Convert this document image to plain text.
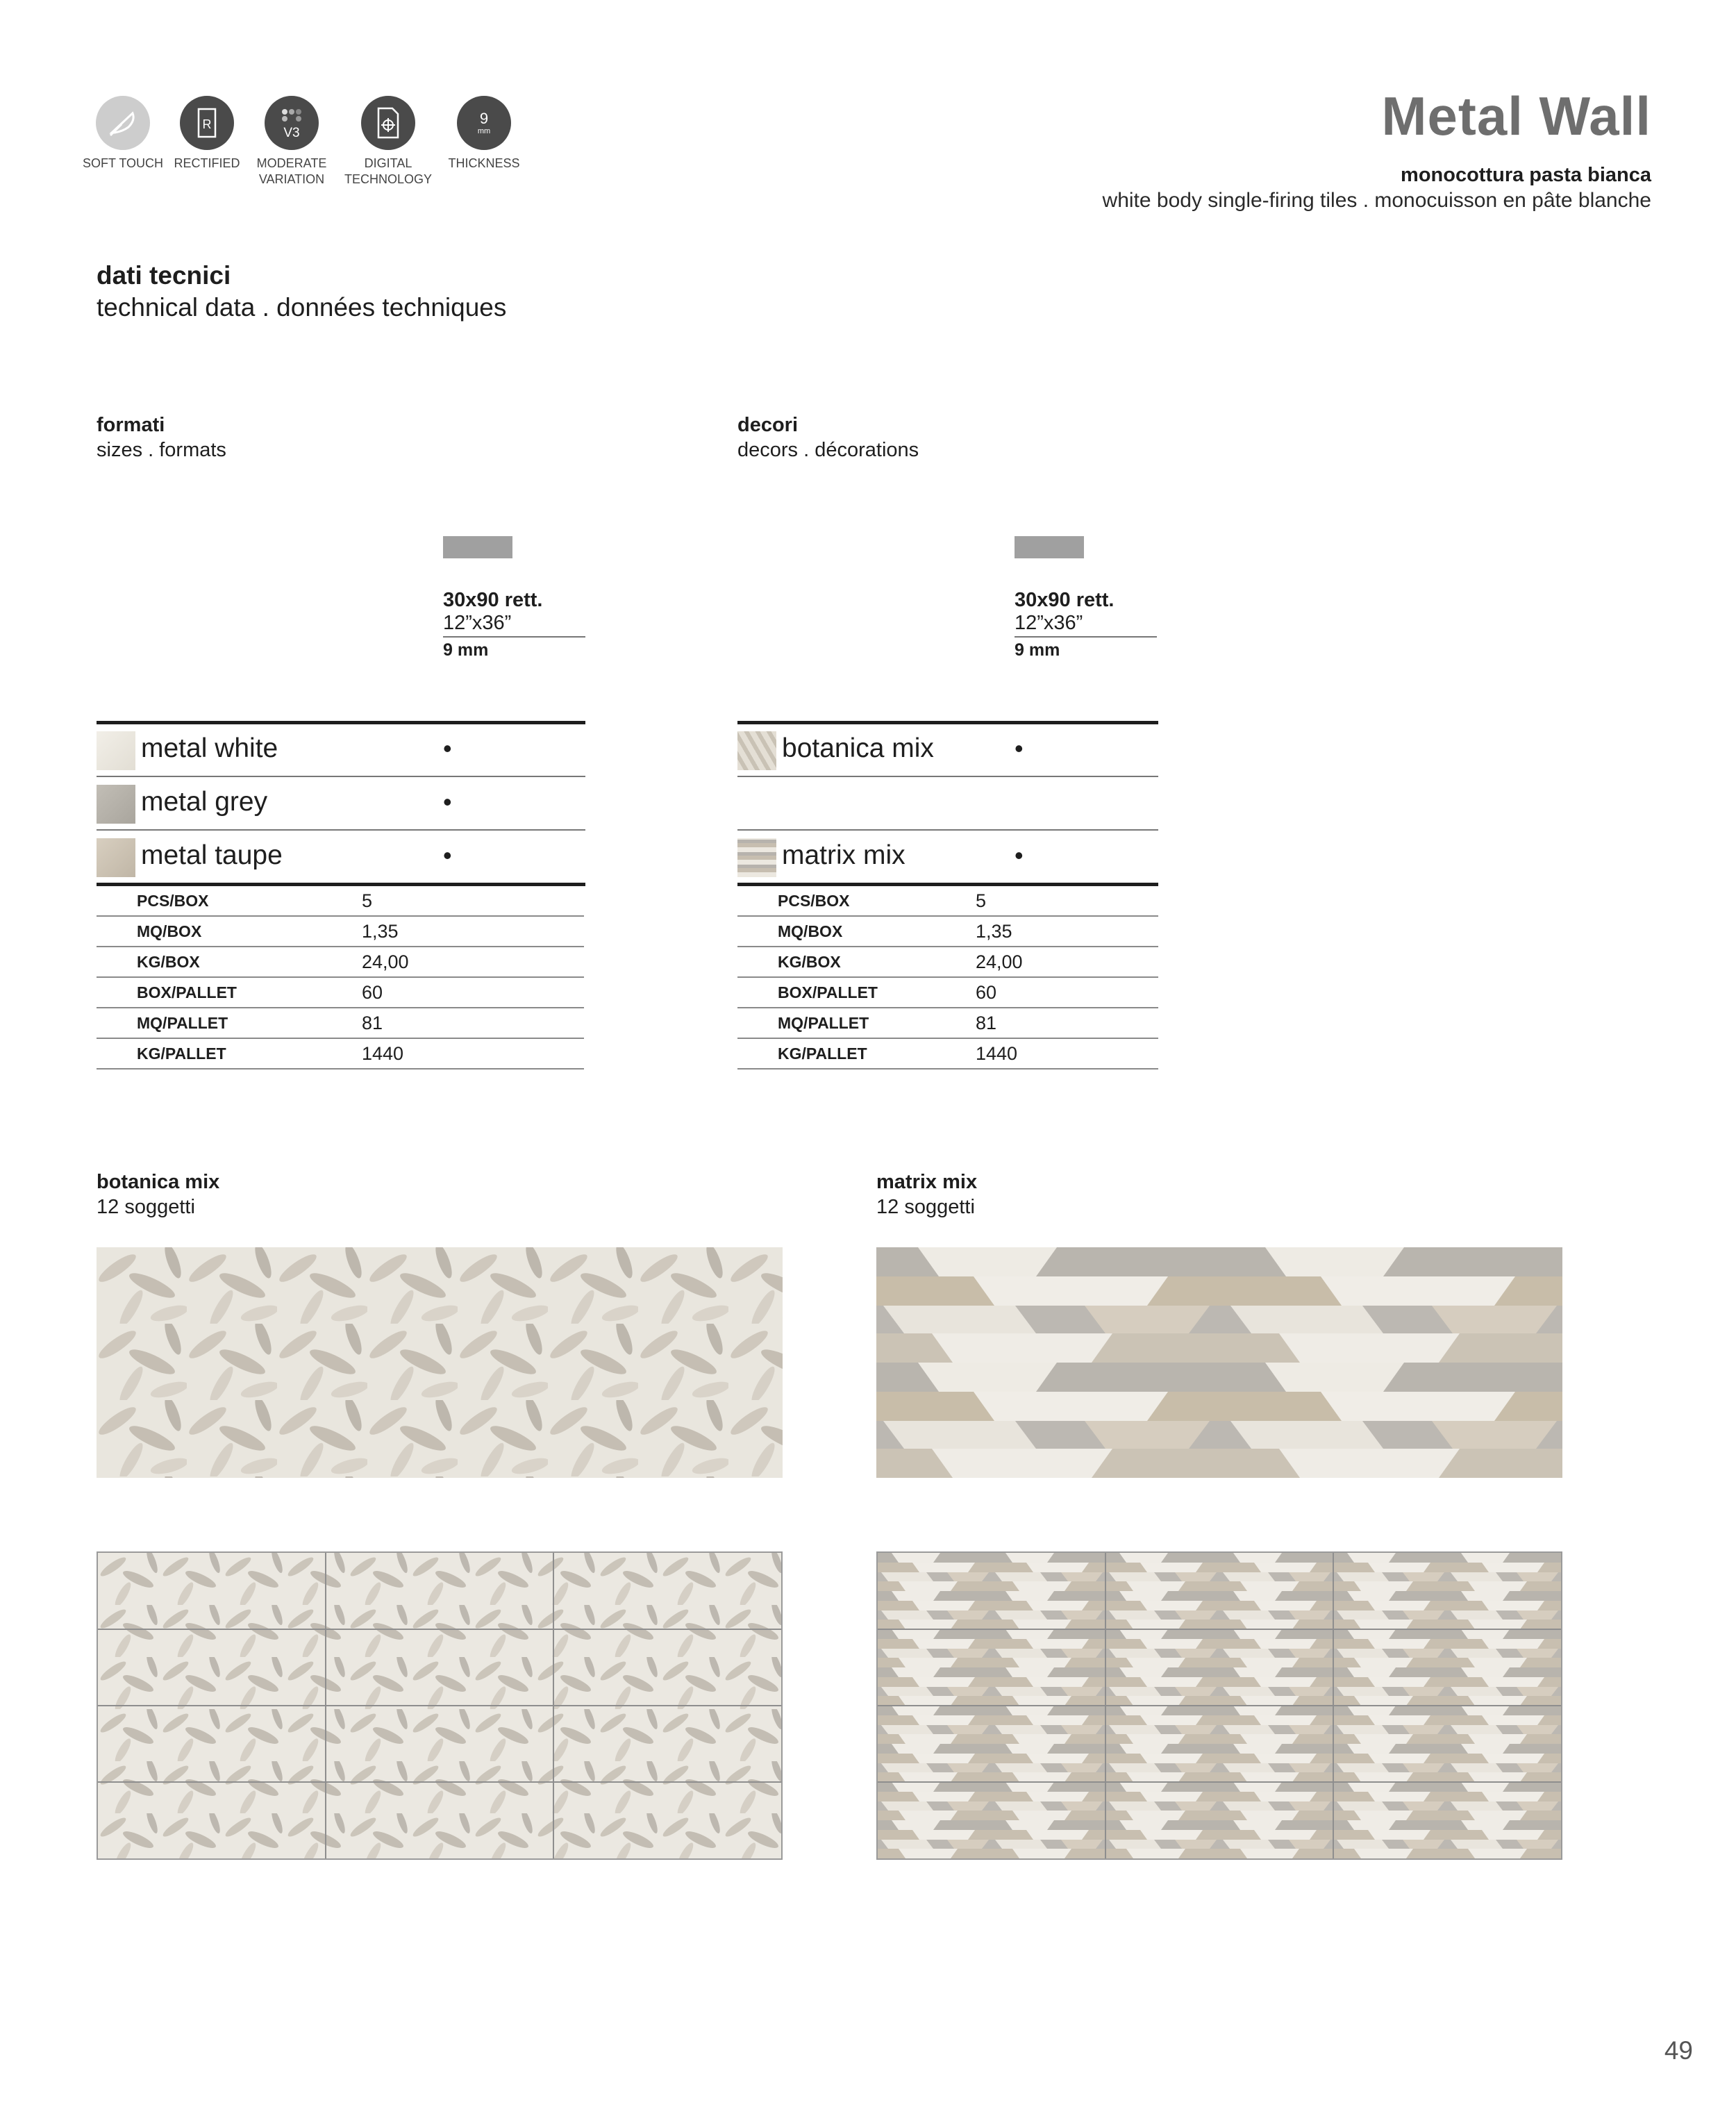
SOFT TOUCH
R
RECTIFIED
V3
MODERATE
VARIATION
DIGITAL
TECHNOLOGY
9
mm
THICKNESS
Metal Wall
monocottura pasta bianca
white body single-firing tiles . monocuisson en pâte blanche
dati tecnici
technical data . données techniques
formati
sizes . formats
30x90 rett.
12”x36”
9 mm
metal white	•
metal grey	•
metal taupe	•
PCS/BOX	5
MQ/BOX	1,35
KG/BOX	24,00
BOX/PALLET	60
MQ/PALLET	81
KG/PALLET	1440
decori
decors . décorations
30x90 rett.
12”x36”
9 mm
botanica mix	•
matrix mix	•
PCS/BOX	5
MQ/BOX	1,35
KG/BOX	24,00
BOX/PALLET	60
MQ/PALLET	81
KG/PALLET	1440
botanica mix
12 soggetti
matrix mix
12 soggetti
49
